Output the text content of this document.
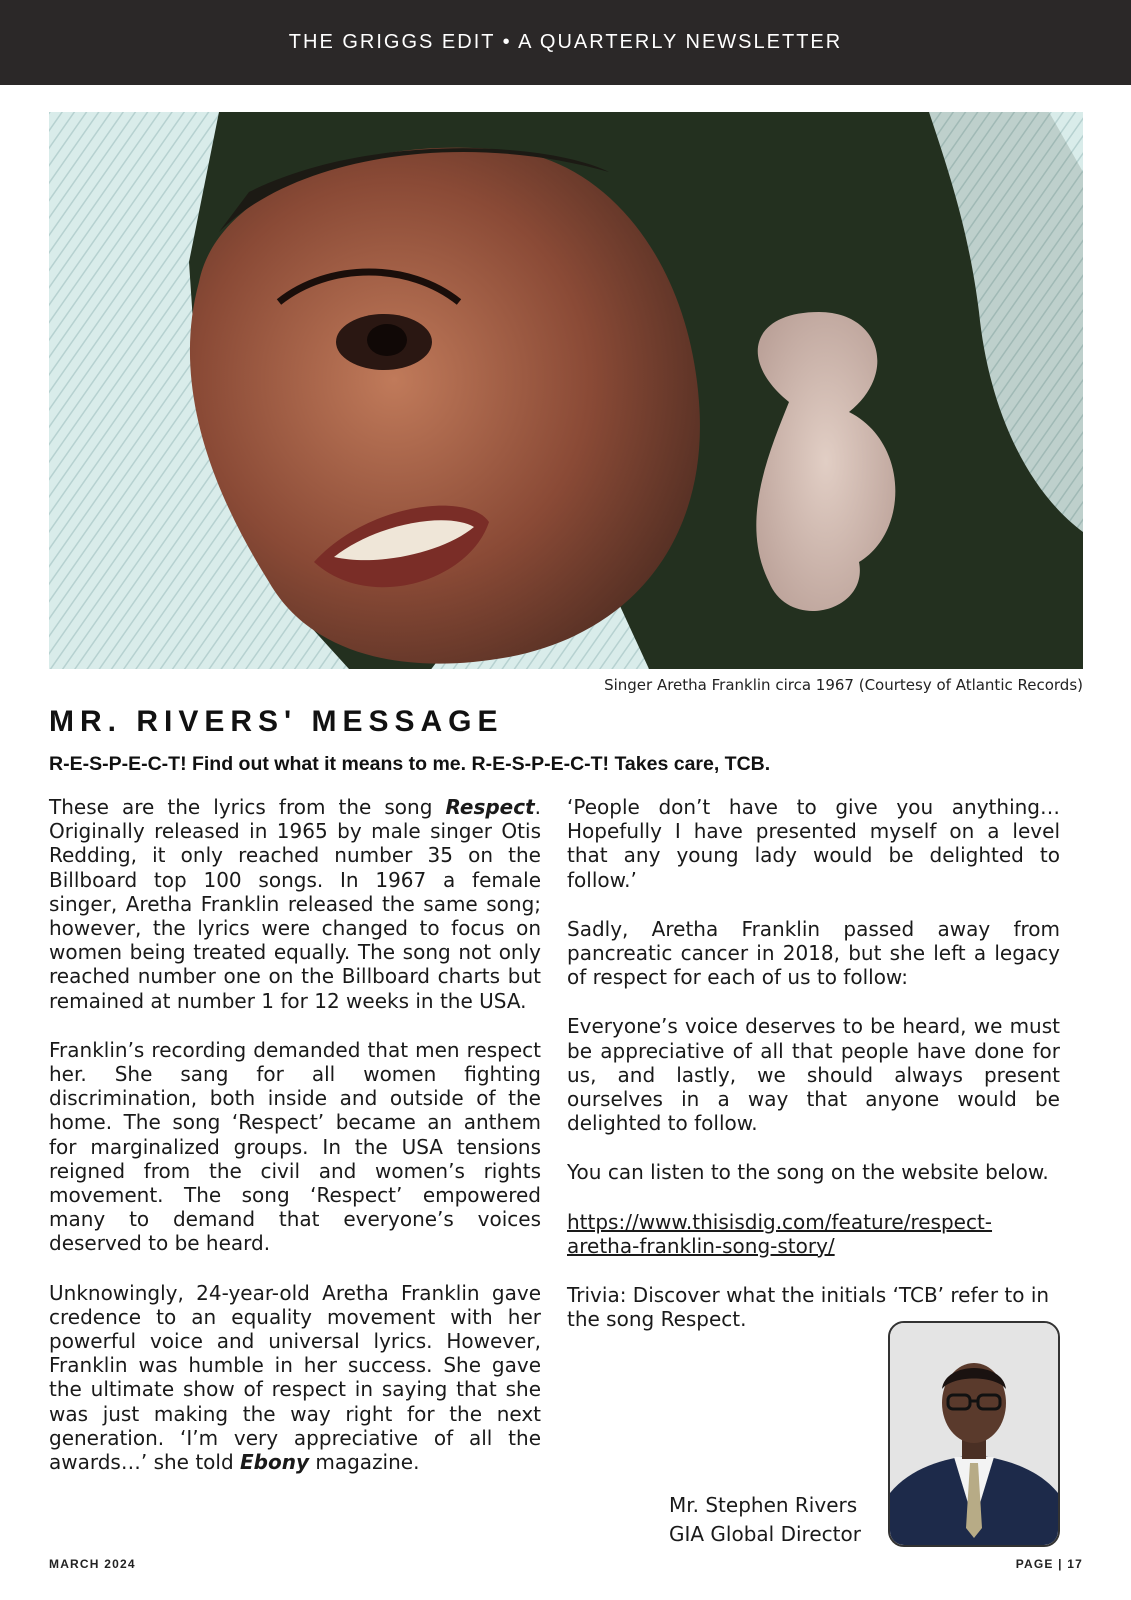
THE GRIGGS EDIT • A QUARTERLY NEWSLETTER
Singer Aretha Franklin circa 1967 (Courtesy of Atlantic Records)
MR. RIVERS' MESSAGE
R-E-S-P-E-C-T! Find out what it means to me. R-E-S-P-E-C-T! Takes care, TCB.

These are the lyrics from the song Respect. Originally released in 1965 by male singer Otis Redding, it only reached number 35 on the Billboard top 100 songs. In 1967 a female singer, Aretha Franklin released the same song; however, the lyrics were changed to focus on women being treated equally. The song not only reached number one on the Billboard charts but remained at number 1 for 12 weeks in the USA.

Franklin’s recording demanded that men respect her. She sang for all women fighting discrimination, both inside and outside of the home. The song ‘Respect’ became an anthem for marginalized groups. In the USA tensions reigned from the civil and women’s rights movement. The song ‘Respect’ empowered many to demand that everyone’s voices deserved to be heard.

Unknowingly, 24-year-old Aretha Franklin gave credence to an equality movement with her powerful voice and universal lyrics. However, Franklin was humble in her success. She gave the ultimate show of respect in saying that she was just making the way right for the next generation. ‘I’m very appreciative of all the awards…’ she told Ebony magazine.

‘People don’t have to give you anything… Hopefully I have presented myself on a level that any young lady would be delighted to follow.’

Sadly, Aretha Franklin passed away from pancreatic cancer in 2018, but she left a legacy of respect for each of us to follow:

Everyone’s voice deserves to be heard, we must be appreciative of all that people have done for us, and lastly, we should always present ourselves in a way that anyone would be delighted to follow.

You can listen to the song on the website below.

https://www.thisisdig.com/feature/respect-aretha-franklin-song-story/

Trivia: Discover what the initials ‘TCB’ refer to in the song Respect.

Mr. Stephen Rivers
GIA Global Director
MARCH 2024	PAGE | 17
